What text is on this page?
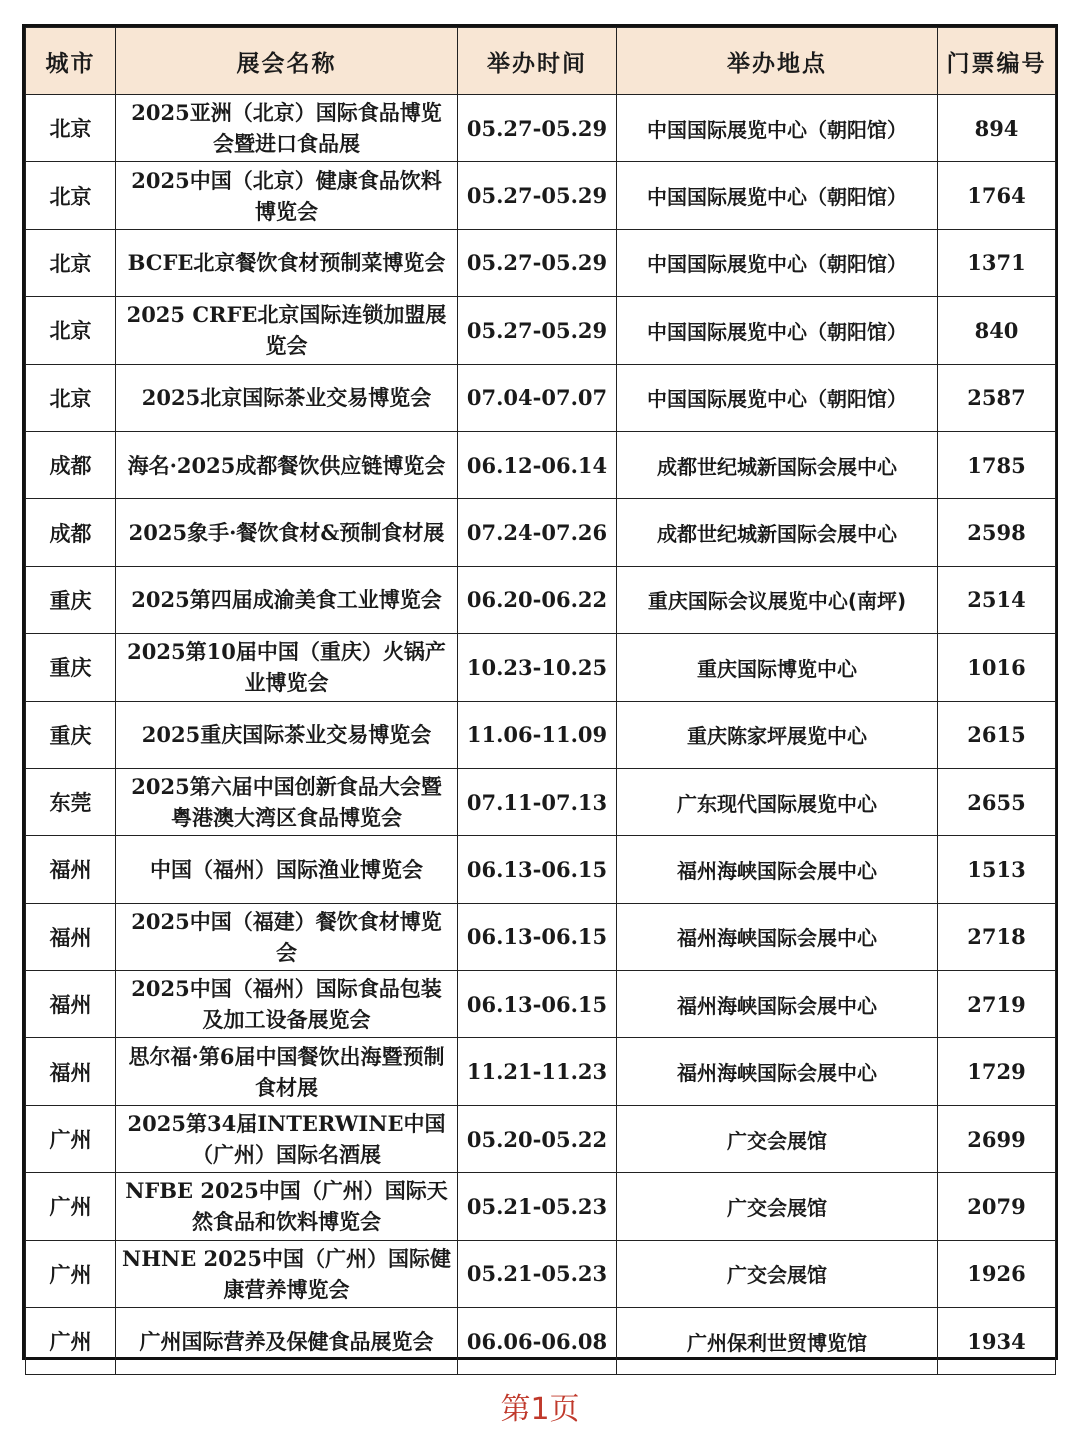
城市	展会名称	举办时间	举办地点	门票编号
北京	2025亚洲（北京）国际食品博览会暨进口食品展	05.27-05.29	中国国际展览中心（朝阳馆）	894
北京	2025中国（北京）健康食品饮料博览会	05.27-05.29	中国国际展览中心（朝阳馆）	1764
北京	BCFE北京餐饮食材预制菜博览会	05.27-05.29	中国国际展览中心（朝阳馆）	1371
北京	2025 CRFE北京国际连锁加盟展览会	05.27-05.29	中国国际展览中心（朝阳馆）	840
北京	2025北京国际茶业交易博览会	07.04-07.07	中国国际展览中心（朝阳馆）	2587
成都	海名·2025成都餐饮供应链博览会	06.12-06.14	成都世纪城新国际会展中心	1785
成都	2025象手·餐饮食材&预制食材展	07.24-07.26	成都世纪城新国际会展中心	2598
重庆	2025第四届成渝美食工业博览会	06.20-06.22	重庆国际会议展览中心(南坪)	2514
重庆	2025第10届中国（重庆）火锅产业博览会	10.23-10.25	重庆国际博览中心	1016
重庆	2025重庆国际茶业交易博览会	11.06-11.09	重庆陈家坪展览中心	2615
东莞	2025第六届中国创新食品大会暨粤港澳大湾区食品博览会	07.11-07.13	广东现代国际展览中心	2655
福州	中国（福州）国际渔业博览会	06.13-06.15	福州海峡国际会展中心	1513
福州	2025中国（福建）餐饮食材博览会	06.13-06.15	福州海峡国际会展中心	2718
福州	2025中国（福州）国际食品包装及加工设备展览会	06.13-06.15	福州海峡国际会展中心	2719
福州	思尔福·第6届中国餐饮出海暨预制食材展	11.21-11.23	福州海峡国际会展中心	1729
广州	2025第34届INTERWINE中国（广州）国际名酒展	05.20-05.22	广交会展馆	2699
广州	NFBE 2025中国（广州）国际天然食品和饮料博览会	05.21-05.23	广交会展馆	2079
广州	NHNE 2025中国（广州）国际健康营养博览会	05.21-05.23	广交会展馆	1926
广州	广州国际营养及保健食品展览会	06.06-06.08	广州保利世贸博览馆	1934
第1页
